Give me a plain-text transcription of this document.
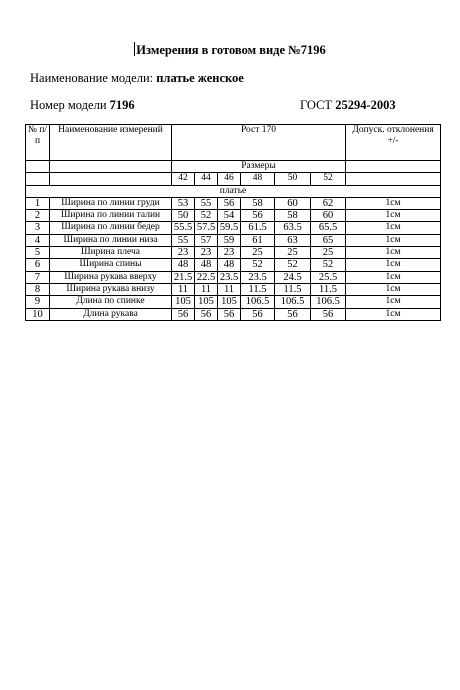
Измерения в готовом виде №7196
Наименование модели: платье женское
Номер модели 7196	ГОСТ 25294-2003
№ п/п	Наименование измерений	Рост 170						Допуск. отклонения +/-
		Размеры						
		42	44	46	48	50	52	
платье								
1	Ширина по линии груди	53	55	56	58	60	62	1см
2	Ширина по линии талии	50	52	54	56	58	60	1см
3	Ширина по линии бедер	55.5	57.5	59.5	61.5	63.5	65.5	1см
4	Ширина по линии низа	55	57	59	61	63	65	1см
5	Ширина плеча	23	23	23	25	25	25	1см
6	Ширина спины	48	48	48	52	52	52	1см
7	Ширина рукава вверху	21.5	22.5	23.5	23.5	24.5	25.5	1см
8	Ширина рукава внизу	11	11	11	11.5	11.5	11.5	1см
9	Длина по спинке	105	105	105	106.5	106.5	106.5	1см
10	Длина рукава	56	56	56	56	56	56	1см
